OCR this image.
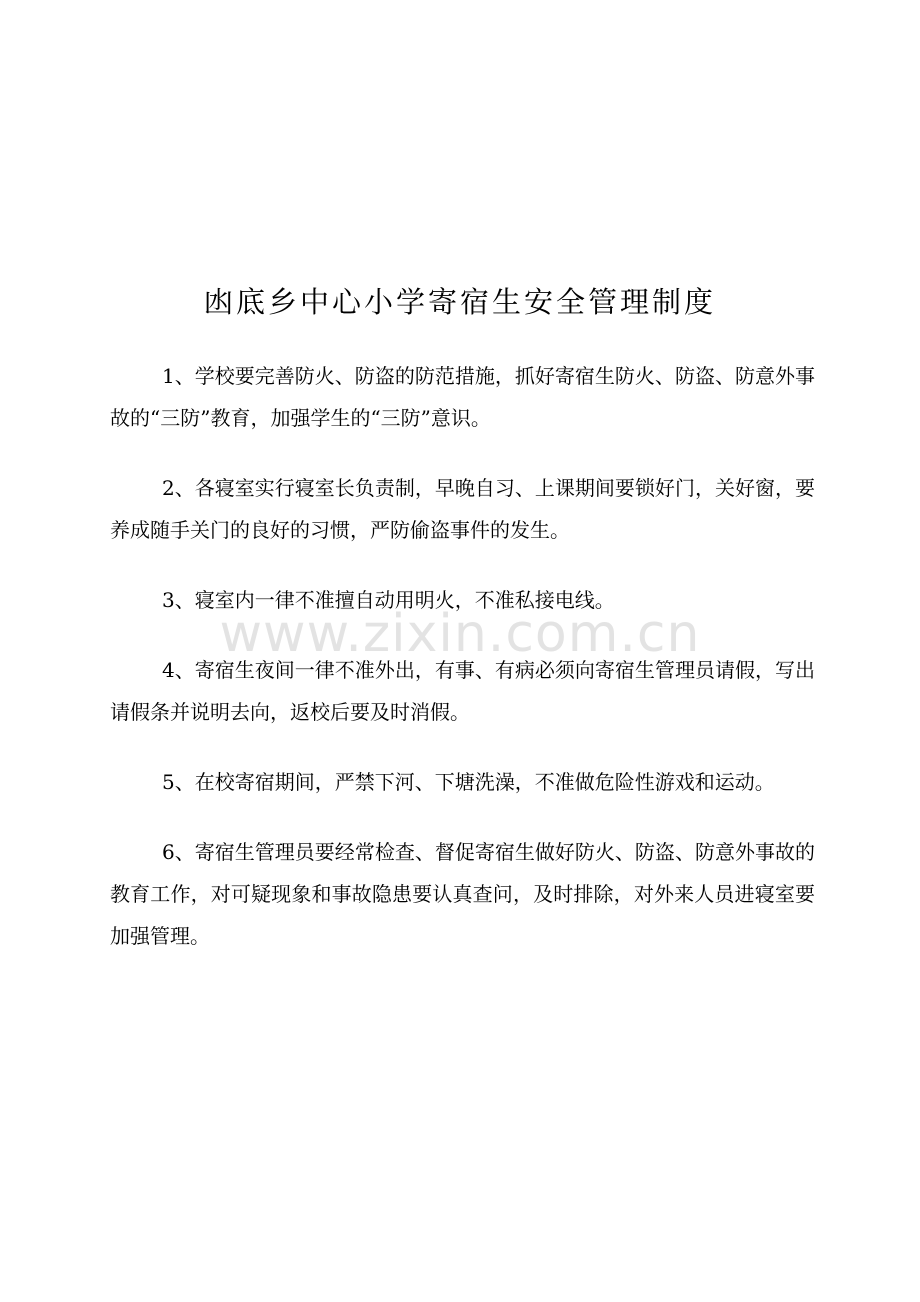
www.zixin.com.cn
凼底乡中心小学寄宿生安全管理制度

1、学校要完善防火、防盗的防范措施，抓好寄宿生防火、防盗、防意外事故的“三防”教育，加强学生的“三防”意识。

2、各寝室实行寝室长负责制，早晚自习、上课期间要锁好门，关好窗，要养成随手关门的良好的习惯，严防偷盗事件的发生。

3、寝室内一律不准擅自动用明火，不准私接电线。

4、寄宿生夜间一律不准外出，有事、有病必须向寄宿生管理员请假，写出请假条并说明去向，返校后要及时消假。

5、在校寄宿期间，严禁下河、下塘洗澡，不准做危险性游戏和运动。

6、寄宿生管理员要经常检查、督促寄宿生做好防火、防盗、防意外事故的教育工作，对可疑现象和事故隐患要认真查问，及时排除，对外来人员进寝室要加强管理。
